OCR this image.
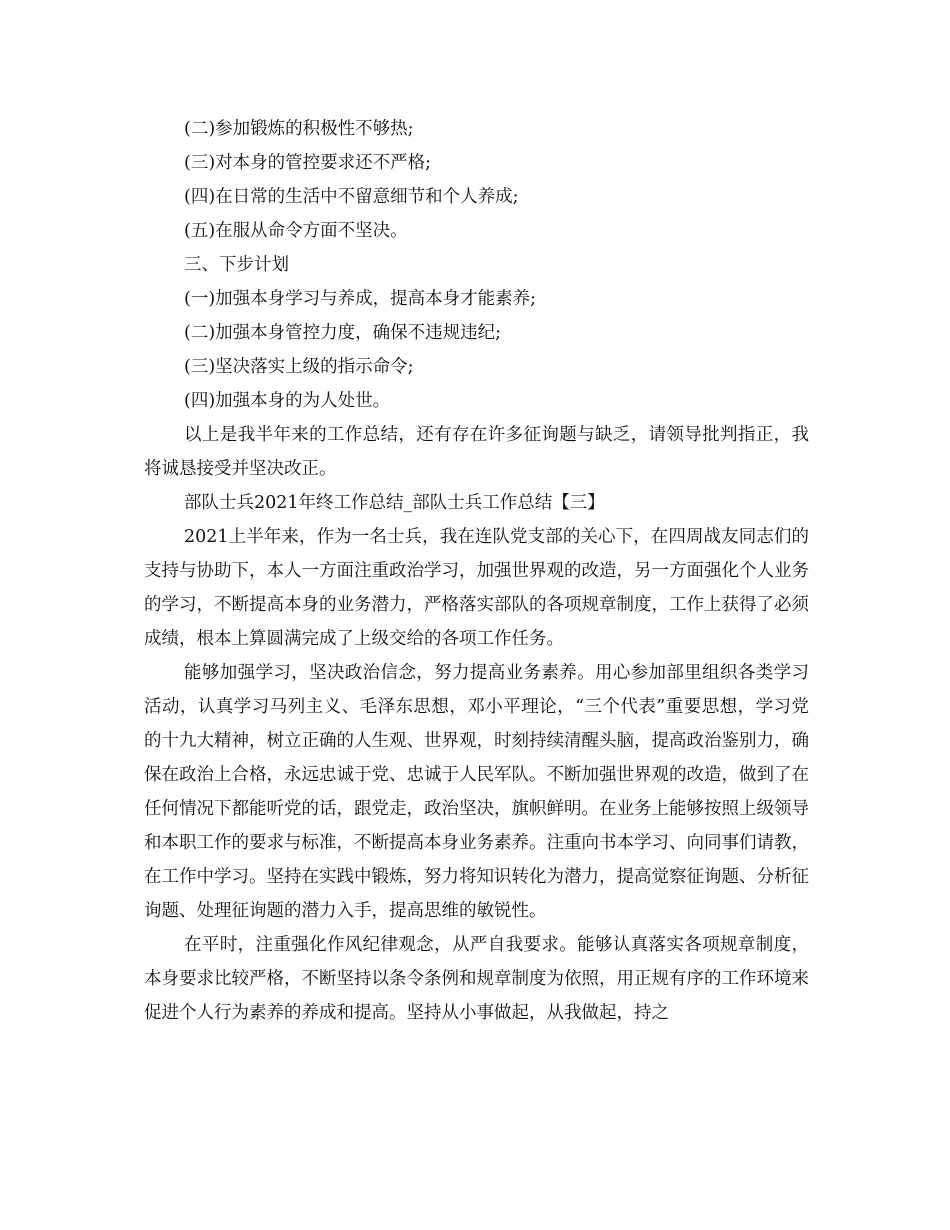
(二)参加锻炼的积极性不够热;
(三)对本身的管控要求还不严格;
(四)在日常的生活中不留意细节和个人养成;
(五)在服从命令方面不坚决。
三、下步计划
(一)加强本身学习与养成，提高本身才能素养;
(二)加强本身管控力度，确保不违规违纪;
(三)坚决落实上级的指示命令;
(四)加强本身的为人处世。

以上是我半年来的工作总结，还有存在许多征询题与缺乏，请领导批判指正，我将诚恳接受并坚决改正。

部队士兵2021年终工作总结_部队士兵工作总结【三】

2021上半年来，作为一名士兵，我在连队党支部的关心下，在四周战友同志们的支持与协助下，本人一方面注重政治学习，加强世界观的改造，另一方面强化个人业务的学习，不断提高本身的业务潜力，严格落实部队的各项规章制度，工作上获得了必须成绩，根本上算圆满完成了上级交给的各项工作任务。

能够加强学习，坚决政治信念，努力提高业务素养。用心参加部里组织各类学习活动，认真学习马列主义、毛泽东思想，邓小平理论，“三个代表”重要思想，学习党的十九大精神，树立正确的人生观、世界观，时刻持续清醒头脑，提高政治鉴别力，确保在政治上合格，永远忠诚于党、忠诚于人民军队。不断加强世界观的改造，做到了在任何情况下都能听党的话，跟党走，政治坚决，旗帜鲜明。在业务上能够按照上级领导和本职工作的要求与标准，不断提高本身业务素养。注重向书本学习、向同事们请教，在工作中学习。坚持在实践中锻炼，努力将知识转化为潜力，提高觉察征询题、分析征询题、处理征询题的潜力入手，提高思维的敏锐性。

在平时，注重强化作风纪律观念，从严自我要求。能够认真落实各项规章制度，本身要求比较严格，不断坚持以条令条例和规章制度为依照，用正规有序的工作环境来促进个人行为素养的养成和提高。坚持从小事做起，从我做起，持之
